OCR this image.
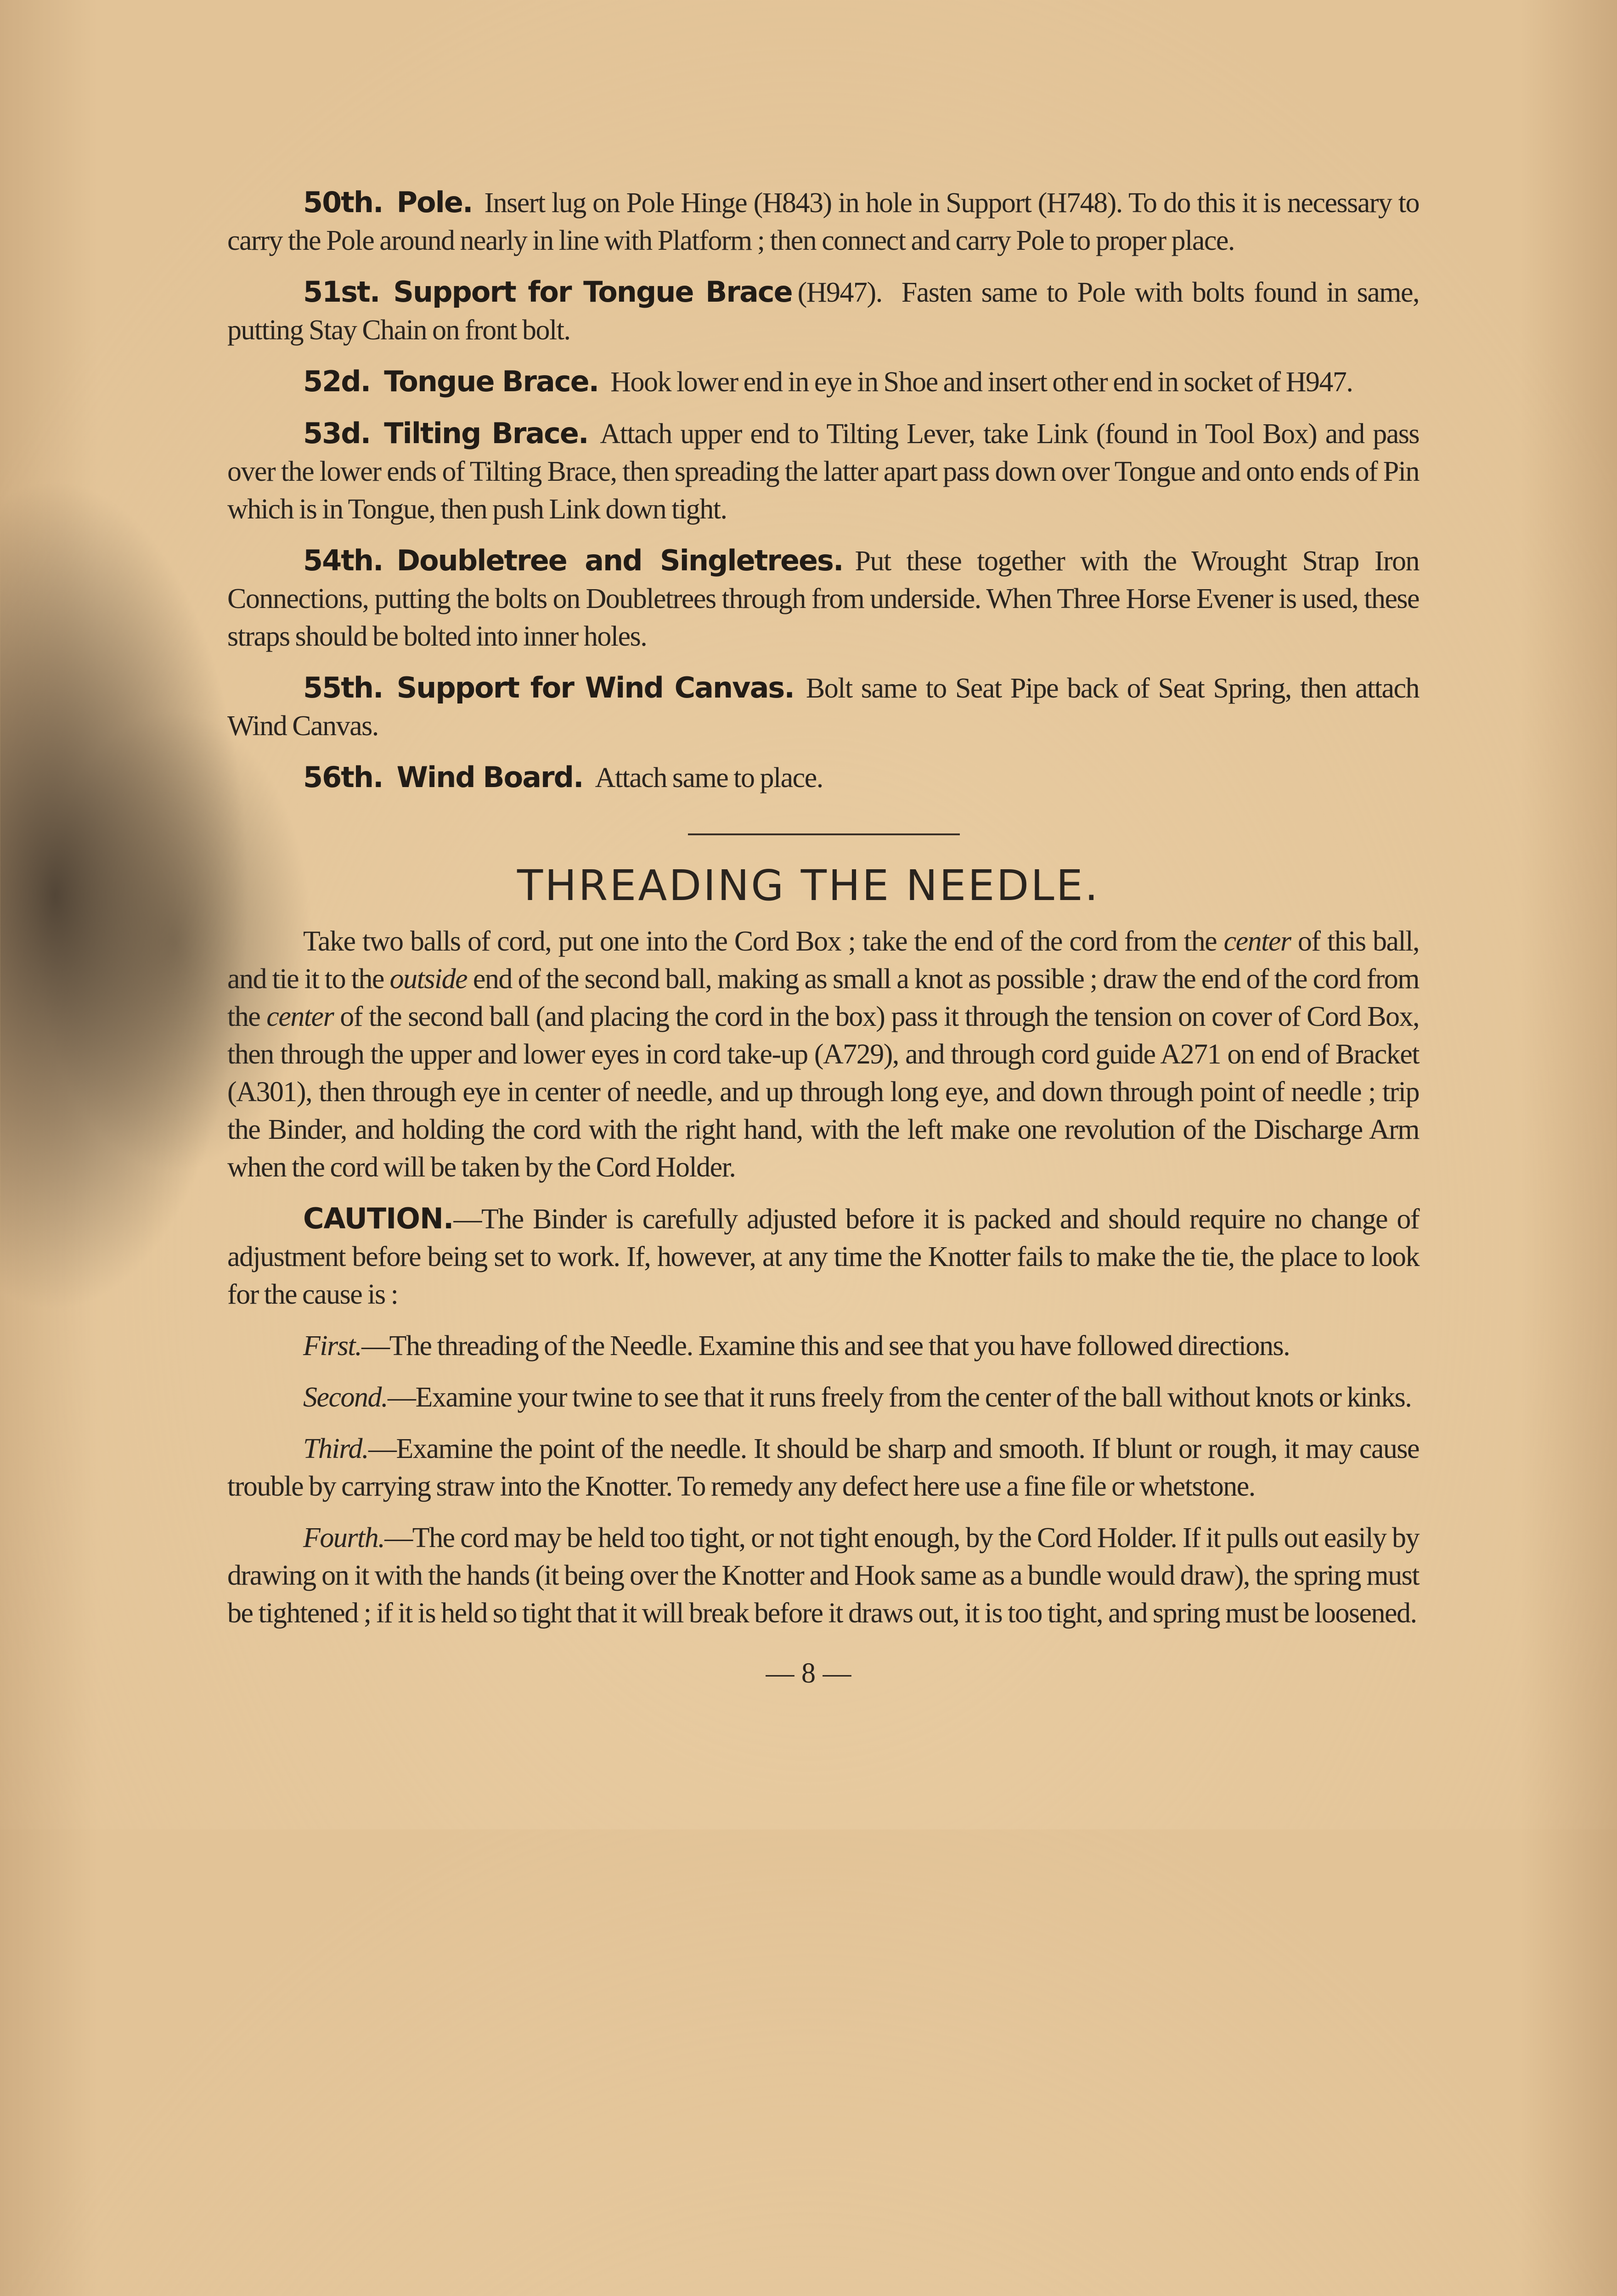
50th. Pole. Insert lug on Pole Hinge (H843) in hole in Support (H748). To do this it is necessary to carry the Pole around nearly in line with Platform ; then connect and carry Pole to proper place.
51st. Support for Tongue Brace (H947). Fasten same to Pole with bolts found in same, putting Stay Chain on front bolt.
52d. Tongue Brace. Hook lower end in eye in Shoe and insert other end in socket of H947.
53d. Tilting Brace. Attach upper end to Tilting Lever, take Link (found in Tool Box) and pass over the lower ends of Tilting Brace, then spreading the latter apart pass down over Tongue and onto ends of Pin which is in Tongue, then push Link down tight.
54th. Doubletree and Singletrees. Put these together with the Wrought Strap Iron Connections, putting the bolts on Doubletrees through from underside. When Three Horse Evener is used, these straps should be bolted into inner holes.
55th. Support for Wind Canvas. Bolt same to Seat Pipe back of Seat Spring, then attach Wind Canvas.
56th. Wind Board. Attach same to place.
THREADING THE NEEDLE.
Take two balls of cord, put one into the Cord Box ; take the end of the cord from the center of this ball, and tie it to the outside end of the second ball, making as small a knot as possible ; draw the end of the cord from the center of the second ball (and placing the cord in the box) pass it through the tension on cover of Cord Box, then through the upper and lower eyes in cord take-up (A729), and through cord guide A271 on end of Bracket (A301), then through eye in center of needle, and up through long eye, and down through point of needle ; trip the Binder, and holding the cord with the right hand, with the left make one revolution of the Discharge Arm when the cord will be taken by the Cord Holder.
CAUTION.—The Binder is carefully adjusted before it is packed and should require no change of adjustment before being set to work. If, however, at any time the Knotter fails to make the tie, the place to look for the cause is :
First.—The threading of the Needle. Examine this and see that you have followed directions.
Second.—Examine your twine to see that it runs freely from the center of the ball without knots or kinks.
Third.—Examine the point of the needle. It should be sharp and smooth. If blunt or rough, it may cause trouble by carrying straw into the Knotter. To remedy any defect here use a fine file or whetstone.
Fourth.—The cord may be held too tight, or not tight enough, by the Cord Holder. If it pulls out easily by drawing on it with the hands (it being over the Knotter and Hook same as a bundle would draw), the spring must be tightened ; if it is held so tight that it will break before it draws out, it is too tight, and spring must be loosened.
— 8 —
